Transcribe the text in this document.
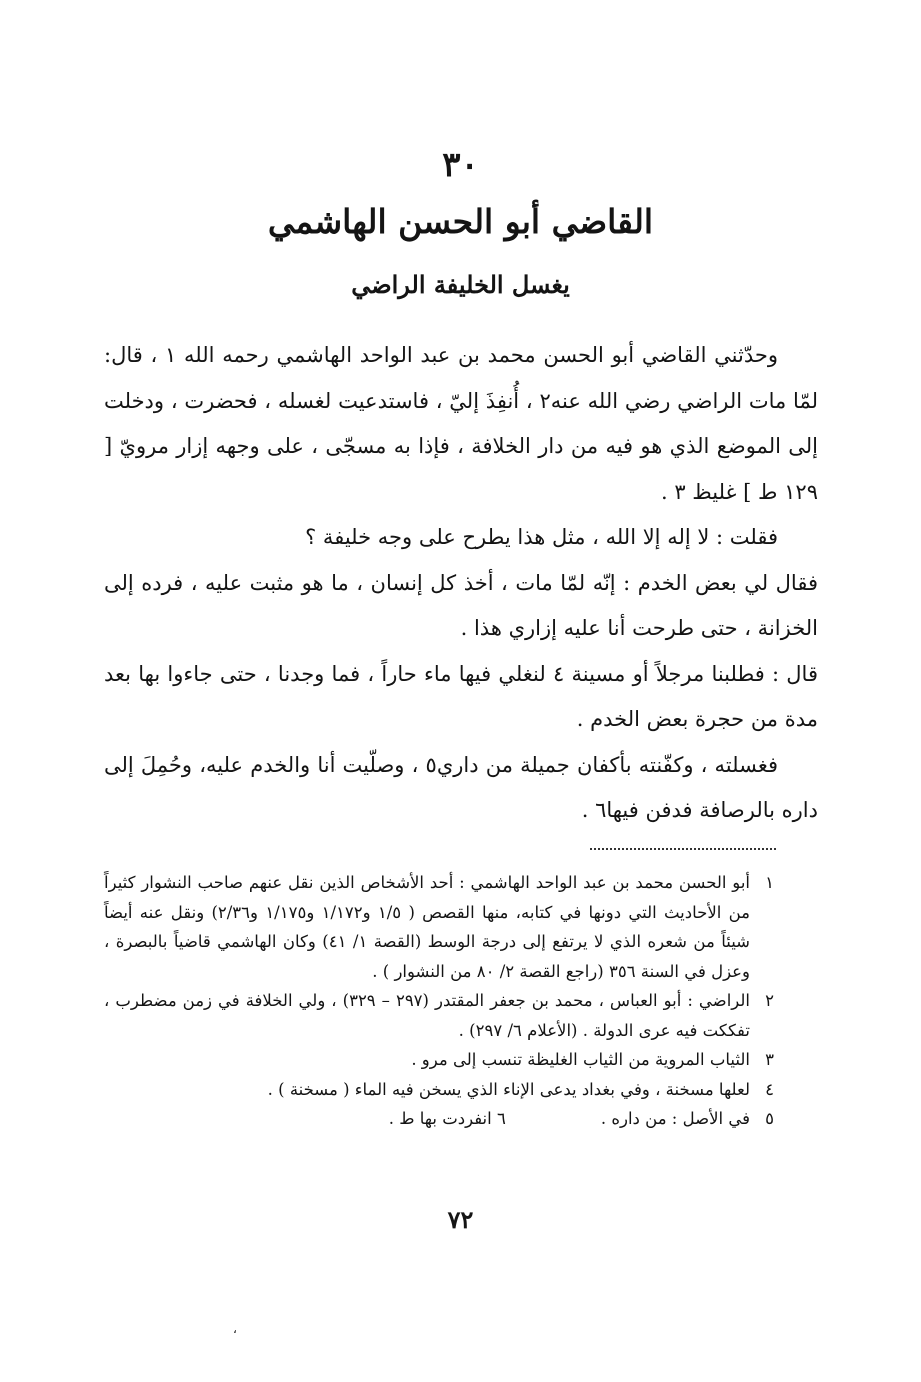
٣٠
القاضي أبو الحسن الهاشمي
يغسل الخليفة الراضي

وحدّثني القاضي أبو الحسن محمد بن عبد الواحد الهاشمي رحمه الله ١ ، قال: لمّا مات الراضي رضي الله عنه٢ ، أُنفِذَ إليّ ، فاستدعيت لغسله ، فحضرت ، ودخلت إلى الموضع الذي هو فيه من دار الخلافة ، فإذا به مسجّى ، على وجهه إزار مرويّ [ ١٢٩ ط ] غليظ ٣ .

فقلت : لا إله إلا الله ، مثل هذا يطرح على وجه خليفة ؟

فقال لي بعض الخدم : إنّه لمّا مات ، أخذ كل إنسان ، ما هو مثبت عليه ، فرده إلى الخزانة ، حتى طرحت أنا عليه إزاري هذا .

قال : فطلبنا مرجلاً أو مسينة ٤ لنغلي فيها ماء حاراً ، فما وجدنا ، حتى جاءوا بها بعد مدة من حجرة بعض الخدم .

فغسلته ، وكفّنته بأكفان جميلة من داري٥ ، وصلّيت أنا والخدم عليه، وحُمِلَ إلى داره بالرصافة فدفن فيها٦ .

١
أبو الحسن محمد بن عبد الواحد الهاشمي : أحد الأشخاص الذين نقل عنهم صاحب النشوار كثيراً من الأحاديث التي دونها في كتابه، منها القصص ( ١/٥ و١/١٧٢ و١/١٧٥ و٢/٣٦) ونقل عنه أيضاً شيئاً من شعره الذي لا يرتفع إلى درجة الوسط (القصة ١/ ٤١) وكان الهاشمي قاضياً بالبصرة ، وعزل في السنة ٣٥٦ (راجع القصة ٢/ ٨٠ من النشوار ) .
٢
الراضي : أبو العباس ، محمد بن جعفر المقتدر (٢٩٧ – ٣٢٩) ، ولي الخلافة في زمن مضطرب ، تفككت فيه عرى الدولة . (الأعلام ٦/ ٢٩٧) .
٣
الثياب المروية من الثياب الغليظة تنسب إلى مرو .
٤
لعلها مسخنة ، وفي بغداد يدعى الإناء الذي يسخن فيه الماء ( مسخنة ) .
٥
في الأصل : من داره .
٦ انفردت بها ط .
٧٢
،
